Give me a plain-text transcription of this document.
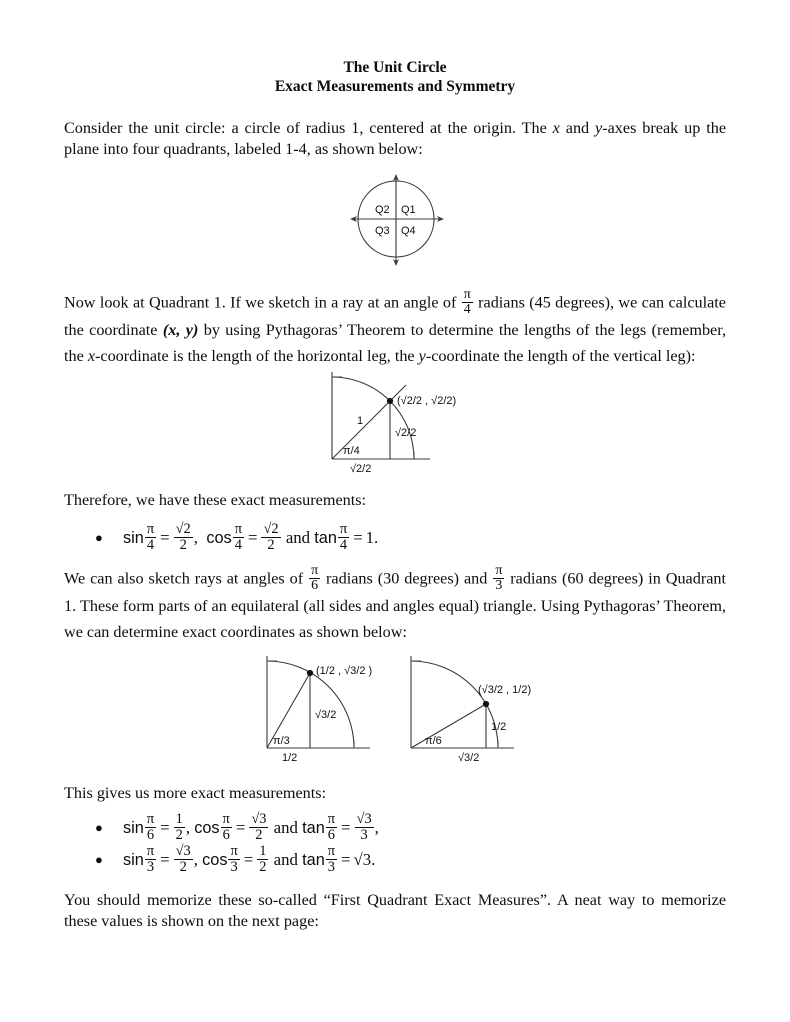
The Unit Circle
Exact Measurements and Symmetry
Consider the unit circle: a circle of radius 1, centered at the origin. The x and y-axes break up the plane into four quadrants, labeled 1-4, as shown below:
Q2 Q1
Q3 Q4
Now look at Quadrant 1. If we sketch in a ray at an angle of $\frac{\pi}{4}$ radians (45 degrees), we can calculate the coordinate (x, y) by using Pythagoras’ Theorem to determine the lengths of the legs (remember, the x-coordinate is the length of the horizontal leg, the y-coordinate the length of the vertical leg):
(√2/2 , √2/2)
1
π/4
√2/2
√2/2
Therefore, we have these exact measurements:
● $\sin \frac{\pi}{4} = \frac{√2}{2}$ ,  $\cos \frac{\pi}{4} = \frac{√2}{2}$ and $\tan \frac{\pi}{4} = 1$.
We can also sketch rays at angles of $\frac{\pi}{6}$ radians (30 degrees) and $\frac{\pi}{3}$ radians (60 degrees) in Quadrant 1. These form parts of an equilateral (all sides and angles equal) triangle. Using Pythagoras’ Theorem, we can determine exact coordinates as shown below:
(1/2 , √3/2 )
√3/2
π/3
1/2
(√3/2 , 1/2)
1/2
π/6
√3/2
This gives us more exact measurements:
● $\sin \frac{\pi}{6} = \frac{1}{2}$ , $\cos \frac{\pi}{6} = \frac{√3}{2}$ and $\tan \frac{\pi}{6} = \frac{√3}{3}$ ,
● $\sin \frac{\pi}{3} = \frac{√3}{2}$ , $\cos \frac{\pi}{3} = \frac{1}{2}$ and $\tan \frac{\pi}{3} = √3$.
You should memorize these so-called “First Quadrant Exact Measures”. A neat way to memorize these values is shown on the next page:
